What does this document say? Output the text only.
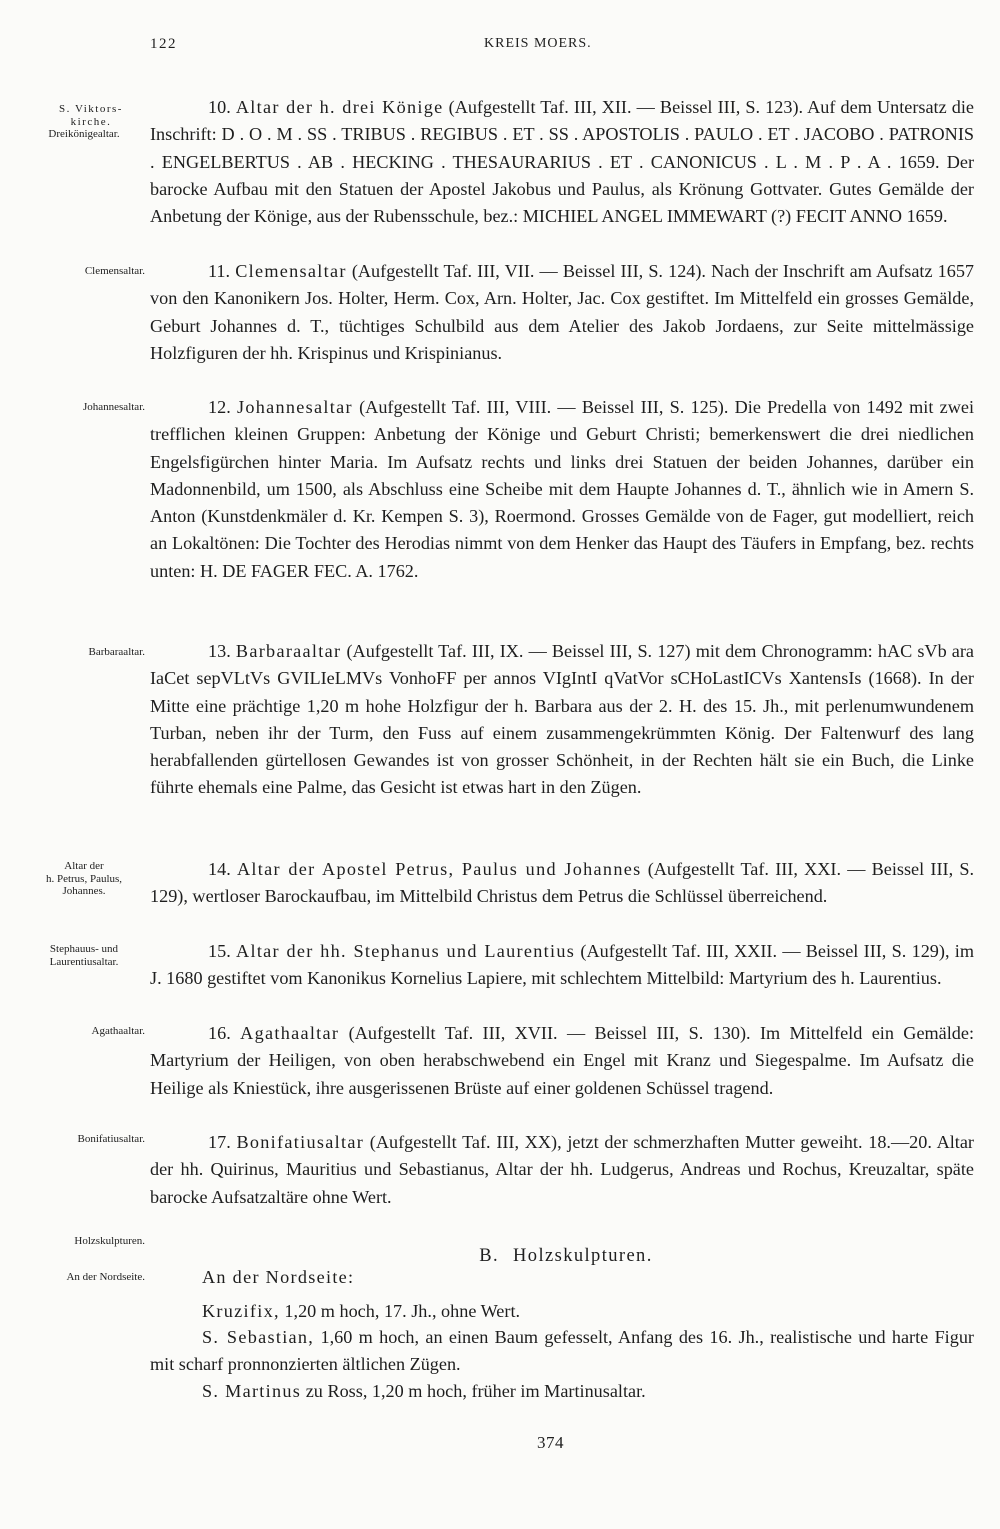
122	KREIS MOERS.
S. Viktors-
kirche.
Dreikönigealtar.
Clemensaltar.
Johannesaltar.
Barbaraaltar.
Altar der
h. Petrus, Paulus,
Johannes.
Stephauus- und
Laurentiusaltar.
Agathaaltar.
Bonifatiusaltar.
Holzskulpturen.
An der Nordseite.

10. Altar der h. drei Könige (Aufgestellt Taf. III, XII. — Beissel III, S. 123). Auf dem Untersatz die Inschrift: D . O . M . SS . TRIBUS . REGIBUS . ET . SS . APOSTOLIS . PAULO . ET . JACOBO . PATRONIS . ENGELBERTUS . AB . HECKING . THESAURARIUS . ET . CANONICUS . L . M . P . A . 1659. Der barocke Aufbau mit den Statuen der Apostel Jakobus und Paulus, als Krönung Gottvater. Gutes Gemälde der Anbetung der Könige, aus der Rubensschule, bez.: MICHIEL ANGEL IMMEWART (?) FECIT ANNO 1659.

11. Clemensaltar (Aufgestellt Taf. III, VII. — Beissel III, S. 124). Nach der Inschrift am Aufsatz 1657 von den Kanonikern Jos. Holter, Herm. Cox, Arn. Holter, Jac. Cox gestiftet. Im Mittelfeld ein grosses Gemälde, Geburt Johannes d. T., tüchtiges Schulbild aus dem Atelier des Jakob Jordaens, zur Seite mittelmässige Holzfiguren der hh. Krispinus und Krispinianus.

12. Johannesaltar (Aufgestellt Taf. III, VIII. — Beissel III, S. 125). Die Predella von 1492 mit zwei trefflichen kleinen Gruppen: Anbetung der Könige und Geburt Christi; bemerkenswert die drei niedlichen Engelsfigürchen hinter Maria. Im Aufsatz rechts und links drei Statuen der beiden Johannes, darüber ein Madonnenbild, um 1500, als Abschluss eine Scheibe mit dem Haupte Johannes d. T., ähnlich wie in Amern S. Anton (Kunstdenkmäler d. Kr. Kempen S. 3), Roermond. Grosses Gemälde von de Fager, gut modelliert, reich an Lokaltönen: Die Tochter des Herodias nimmt von dem Henker das Haupt des Täufers in Empfang, bez. rechts unten: H. DE FAGER FEC. A. 1762.

13. Barbaraaltar (Aufgestellt Taf. III, IX. — Beissel III, S. 127) mit dem Chronogramm: hAC sVb ara IaCet sepVLtVs GVILIeLMVs VonhoFF per annos VIgIntI qVatVor sCHoLastICVs XantensIs (1668). In der Mitte eine prächtige 1,20 m hohe Holzfigur der h. Barbara aus der 2. H. des 15. Jh., mit perlenumwundenem Turban, neben ihr der Turm, den Fuss auf einem zusammengekrümmten König. Der Faltenwurf des lang herabfallenden gürtellosen Gewandes ist von grosser Schönheit, in der Rechten hält sie ein Buch, die Linke führte ehemals eine Palme, das Gesicht ist etwas hart in den Zügen.

14. Altar der Apostel Petrus, Paulus und Johannes (Aufgestellt Taf. III, XXI. — Beissel III, S. 129), wertloser Barockaufbau, im Mittelbild Christus dem Petrus die Schlüssel überreichend.

15. Altar der hh. Stephanus und Laurentius (Aufgestellt Taf. III, XXII. — Beissel III, S. 129), im J. 1680 gestiftet vom Kanonikus Kornelius Lapiere, mit schlechtem Mittelbild: Martyrium des h. Laurentius.

16. Agathaaltar (Aufgestellt Taf. III, XVII. — Beissel III, S. 130). Im Mittelfeld ein Gemälde: Martyrium der Heiligen, von oben herabschwebend ein Engel mit Kranz und Siegespalme. Im Aufsatz die Heilige als Kniestück, ihre ausgerissenen Brüste auf einer goldenen Schüssel tragend.

17. Bonifatiusaltar (Aufgestellt Taf. III, XX), jetzt der schmerzhaften Mutter geweiht. 18.—20. Altar der hh. Quirinus, Mauritius und Sebastianus, Altar der hh. Ludgerus, Andreas und Rochus, Kreuzaltar, späte barocke Aufsatzaltäre ohne Wert.

B. Holzskulpturen.

An der Nordseite:

Kruzifix, 1,20 m hoch, 17. Jh., ohne Wert.

S. Sebastian, 1,60 m hoch, an einen Baum gefesselt, Anfang des 16. Jh., realistische und harte Figur mit scharf pronnonzierten ältlichen Zügen.

S. Martinus zu Ross, 1,20 m hoch, früher im Martinusaltar.

374
